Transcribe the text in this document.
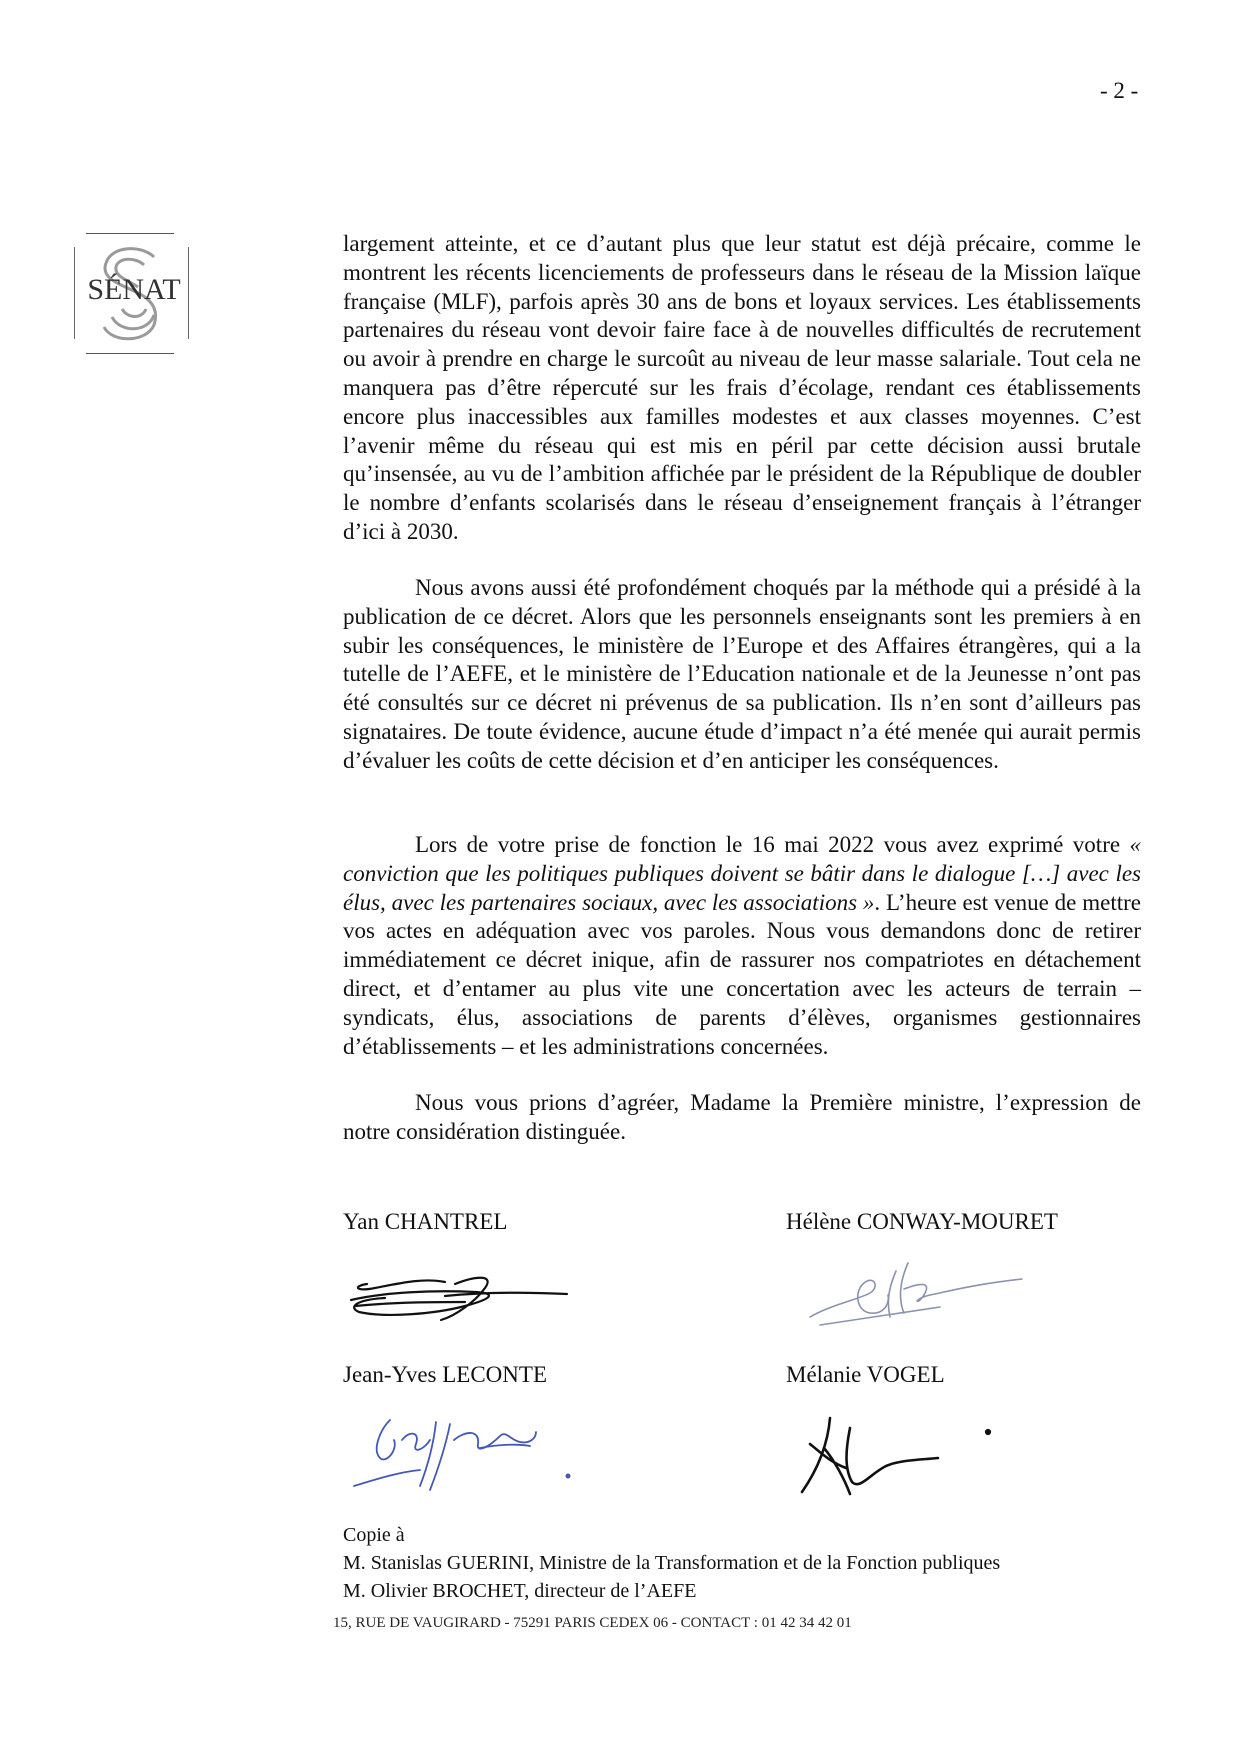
- 2 -
SÉNAT

largement atteinte, et ce d’autant plus que leur statut est déjà précaire, comme le montrent les récents licenciements de professeurs dans le réseau de la Mission laïque française (MLF), parfois après 30 ans de bons et loyaux services. Les établissements partenaires du réseau vont devoir faire face à de nouvelles difficultés de recrutement ou avoir à prendre en charge le surcoût au niveau de leur masse salariale. Tout cela ne manquera pas d’être répercuté sur les frais d’écolage, rendant ces établissements encore plus inaccessibles aux familles modestes et aux classes moyennes. C’est l’avenir même du réseau qui est mis en péril par cette décision aussi brutale qu’insensée, au vu de l’ambition affichée par le président de la République de doubler le nombre d’enfants scolarisés dans le réseau d’enseignement français à l’étranger d’ici à 2030.

Nous avons aussi été profondément choqués par la méthode qui a présidé à la publication de ce décret. Alors que les personnels enseignants sont les premiers à en subir les conséquences, le ministère de l’Europe et des Affaires étrangères, qui a la tutelle de l’AEFE, et le ministère de l’Education nationale et de la Jeunesse n’ont pas été consultés sur ce décret ni prévenus de sa publication. Ils n’en sont d’ailleurs pas signataires. De toute évidence, aucune étude d’impact n’a été menée qui aurait permis d’évaluer les coûts de cette décision et d’en anticiper les conséquences.

Lors de votre prise de fonction le 16 mai 2022 vous avez exprimé votre « conviction que les politiques publiques doivent se bâtir dans le dialogue […] avec les élus, avec les partenaires sociaux, avec les associations ». L’heure est venue de mettre vos actes en adéquation avec vos paroles. Nous vous demandons donc de retirer immédiatement ce décret inique, afin de rassurer nos compatriotes en détachement direct, et d’entamer au plus vite une concertation avec les acteurs de terrain – syndicats, élus, associations de parents d’élèves, organismes gestionnaires d’établissements – et les administrations concernées.

Nous vous prions d’agréer, Madame la Première ministre, l’expression de notre considération distinguée.

Yan CHANTREL	Hélène CONWAY-MOURET
Jean-Yves LECONTE	Mélanie VOGEL
Copie à
M. Stanislas GUERINI, Ministre de la Transformation et de la Fonction publiques
M. Olivier BROCHET, directeur de l’AEFE
15, RUE DE VAUGIRARD - 75291 PARIS CEDEX 06 - CONTACT : 01 42 34 42 01
